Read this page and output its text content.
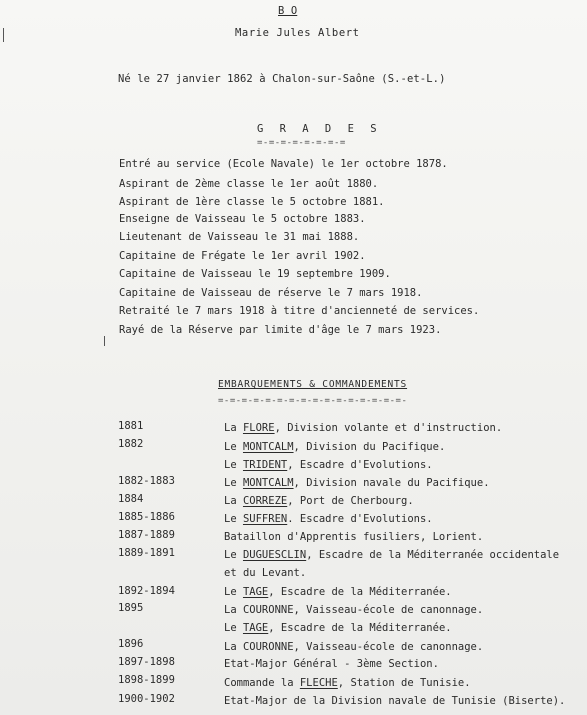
B O
Marie Jules Albert
Né le 27 janvier 1862 à Chalon-sur-Saône (S.-et-L.)
G R A D E S
=-=-=-=-=-=-=-=
Entré au service (Ecole Navale) le 1er octobre 1878.
Aspirant de 2ème classe le 1er août 1880.
Aspirant de 1ère classe le 5 octobre 1881.
Enseigne de Vaisseau le 5 octobre 1883.
Lieutenant de Vaisseau le 31 mai 1888.
Capitaine de Frégate le 1er avril 1902.
Capitaine de Vaisseau le 19 septembre 1909.
Capitaine de Vaisseau de réserve le 7 mars 1918.
Retraité le 7 mars 1918 à titre d'ancienneté de services.
Rayé de la Réserve par limite d'âge le 7 mars 1923.
EMBARQUEMENTS & COMMANDEMENTS
=-=-=-=-=-=-=-=-=-=-=-=-=-=-=-=-
1881	La FLORE, Division volante et d'instruction.
1882	Le MONTCALM, Division du Pacifique.
Le TRIDENT, Escadre d'Evolutions.
1882-1883	Le MONTCALM, Division navale du Pacifique.
1884	La CORREZE, Port de Cherbourg.
1885-1886	Le SUFFREN. Escadre d'Evolutions.
1887-1889	Bataillon d'Apprentis fusiliers, Lorient.
1889-1891	Le DUGUESCLIN, Escadre de la Méditerranée occidentale
et du Levant.
1892-1894	Le TAGE, Escadre de la Méditerranée.
1895	La COURONNE, Vaisseau-école de canonnage.
Le TAGE, Escadre de la Méditerranée.
1896	La COURONNE, Vaisseau-école de canonnage.
1897-1898	Etat-Major Général - 3ème Section.
1898-1899	Commande la FLECHE, Station de Tunisie.
1900-1902	Etat-Major de la Division navale de Tunisie (Biserte).
